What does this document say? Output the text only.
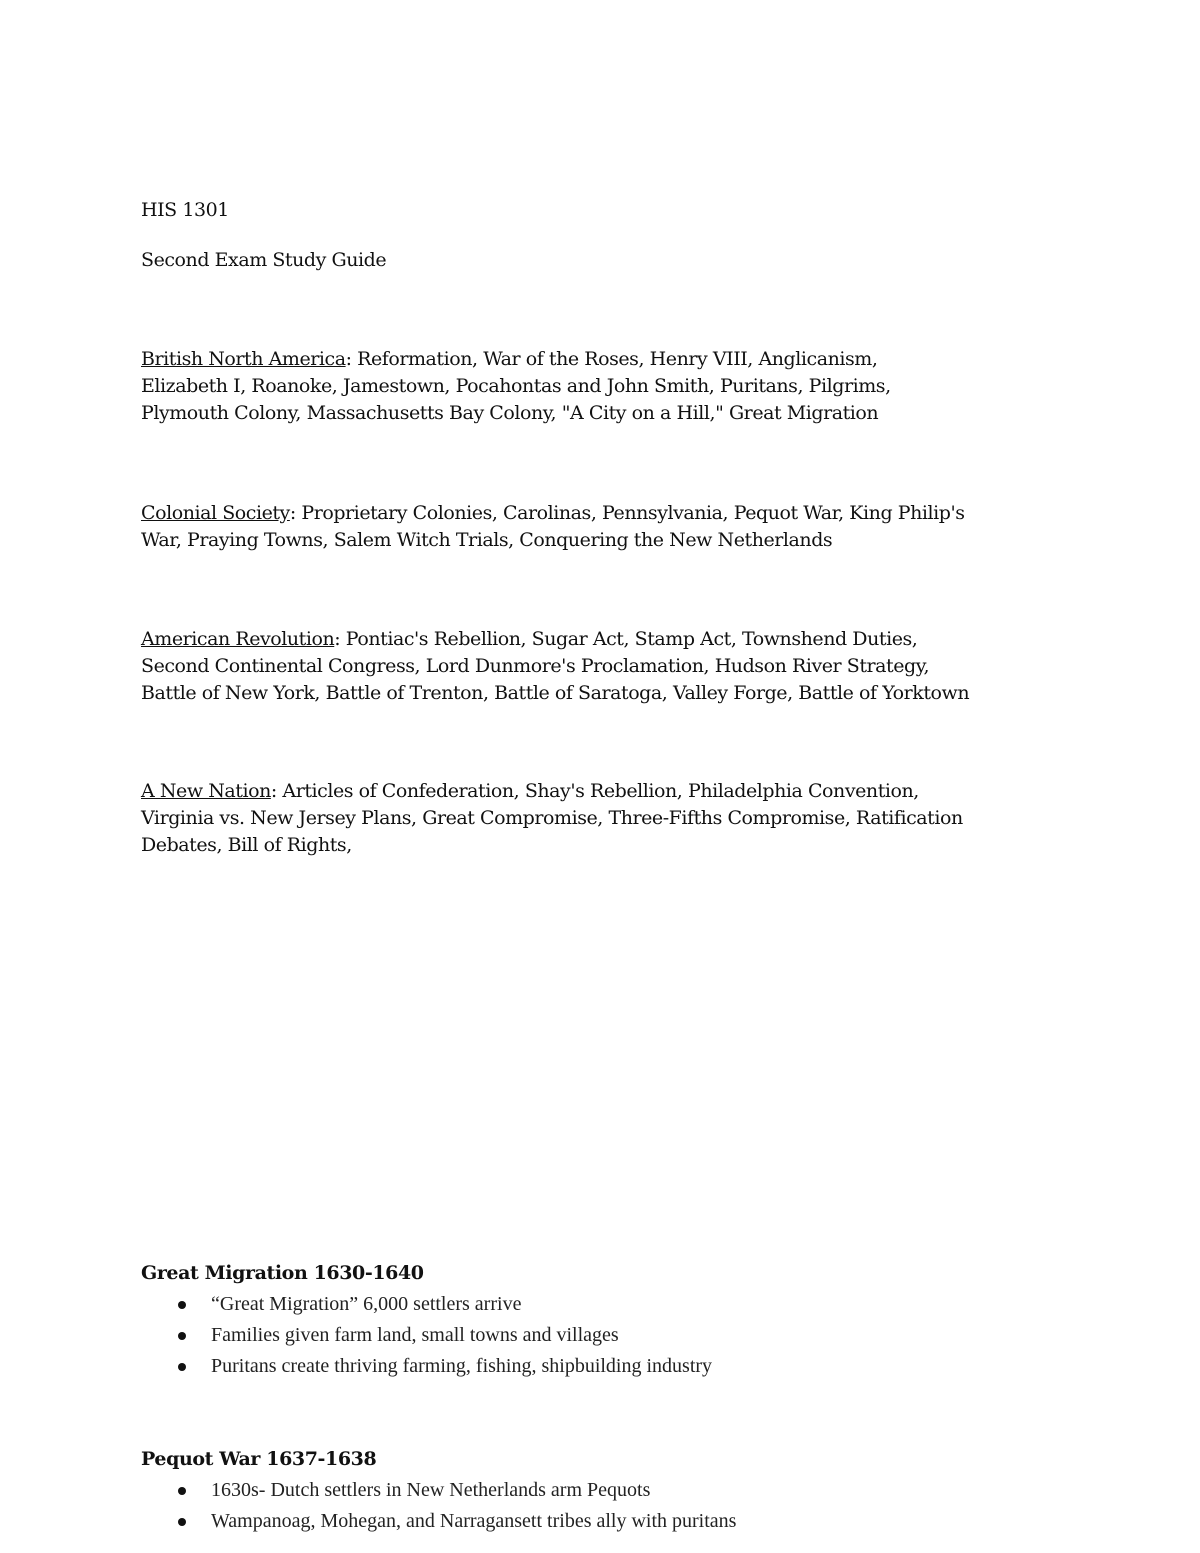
HIS 1301
Second Exam Study Guide
British North America: Reformation, War of the Roses, Henry VIII, Anglicanism,
Elizabeth I, Roanoke, Jamestown, Pocahontas and John Smith, Puritans, Pilgrims,
Plymouth Colony, Massachusetts Bay Colony, "A City on a Hill," Great Migration
Colonial Society: Proprietary Colonies, Carolinas, Pennsylvania, Pequot War, King Philip's
War, Praying Towns, Salem Witch Trials, Conquering the New Netherlands
American Revolution: Pontiac's Rebellion, Sugar Act, Stamp Act, Townshend Duties,
Second Continental Congress, Lord Dunmore's Proclamation, Hudson River Strategy,
Battle of New York, Battle of Trenton, Battle of Saratoga, Valley Forge, Battle of Yorktown
A New Nation: Articles of Confederation, Shay's Rebellion, Philadelphia Convention,
Virginia vs. New Jersey Plans, Great Compromise, Three-Fifths Compromise, Ratification
Debates, Bill of Rights,
Great Migration 1630-1640
“Great Migration” 6,000 settlers arrive
Families given farm land, small towns and villages
Puritans create thriving farming, fishing, shipbuilding industry
Pequot War 1637-1638
1630s- Dutch settlers in New Netherlands arm Pequots
Wampanoag, Mohegan, and Narragansett tribes ally with puritans
